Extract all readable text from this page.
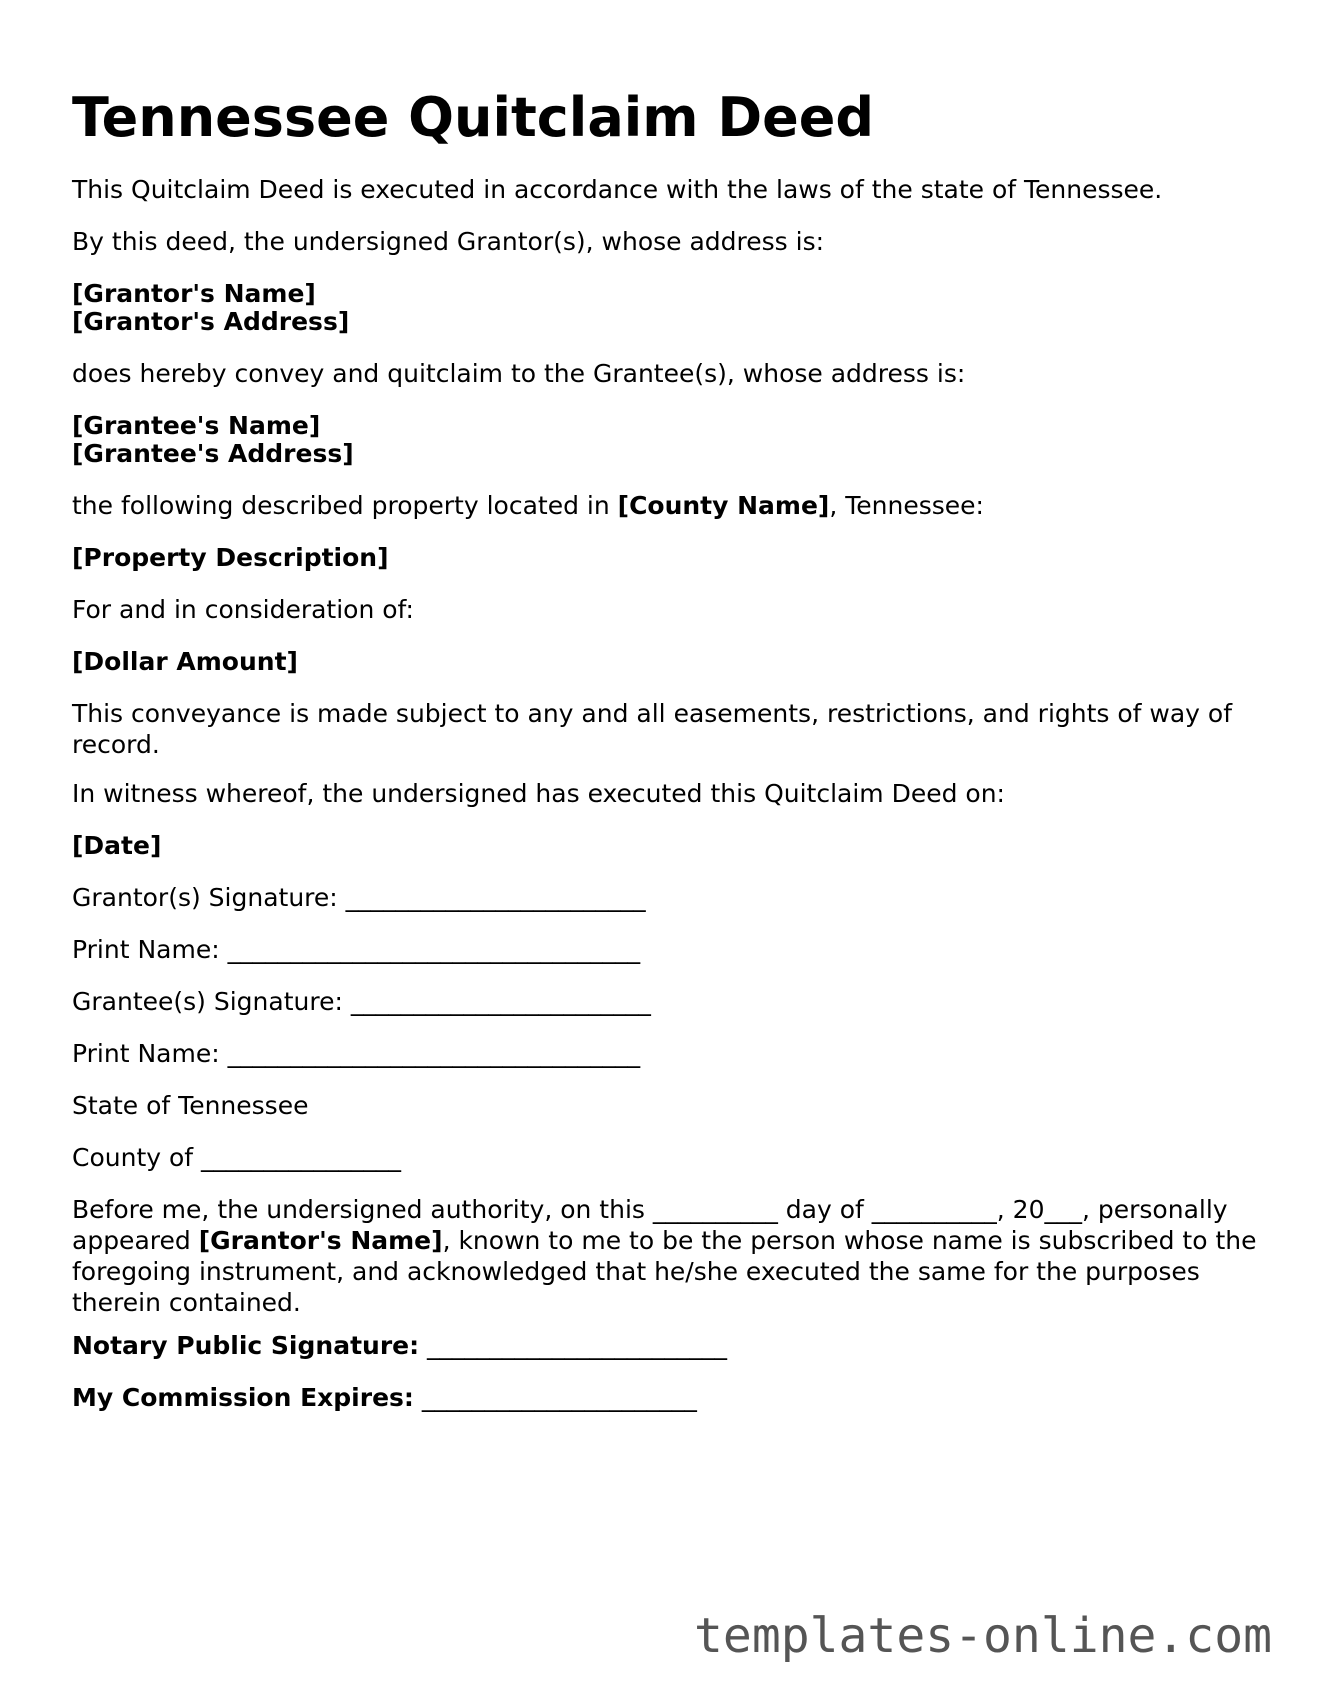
Tennessee Quitclaim Deed

This Quitclaim Deed is executed in accordance with the laws of the state of Tennessee.

By this deed, the undersigned Grantor(s), whose address is:

[Grantor's Name]

[Grantor's Address]

does hereby convey and quitclaim to the Grantee(s), whose address is:

[Grantee's Name]

[Grantee's Address]

the following described property located in [County Name], Tennessee:

[Property Description]

For and in consideration of:

[Dollar Amount]

This conveyance is made subject to any and all easements, restrictions, and rights of way of record.

In witness whereof, the undersigned has executed this Quitclaim Deed on:

[Date]

Grantor(s) Signature: ________________________

Print Name: _________________________________

Grantee(s) Signature: ________________________

Print Name: _________________________________

State of Tennessee

County of ________________

Before me, the undersigned authority, on this __________ day of __________, 20___, personally appeared [Grantor's Name], known to me to be the person whose name is subscribed to the foregoing instrument, and acknowledged that he/she executed the same for the purposes therein contained.

Notary Public Signature: ________________________

My Commission Expires: ______________________

templates-online.com
